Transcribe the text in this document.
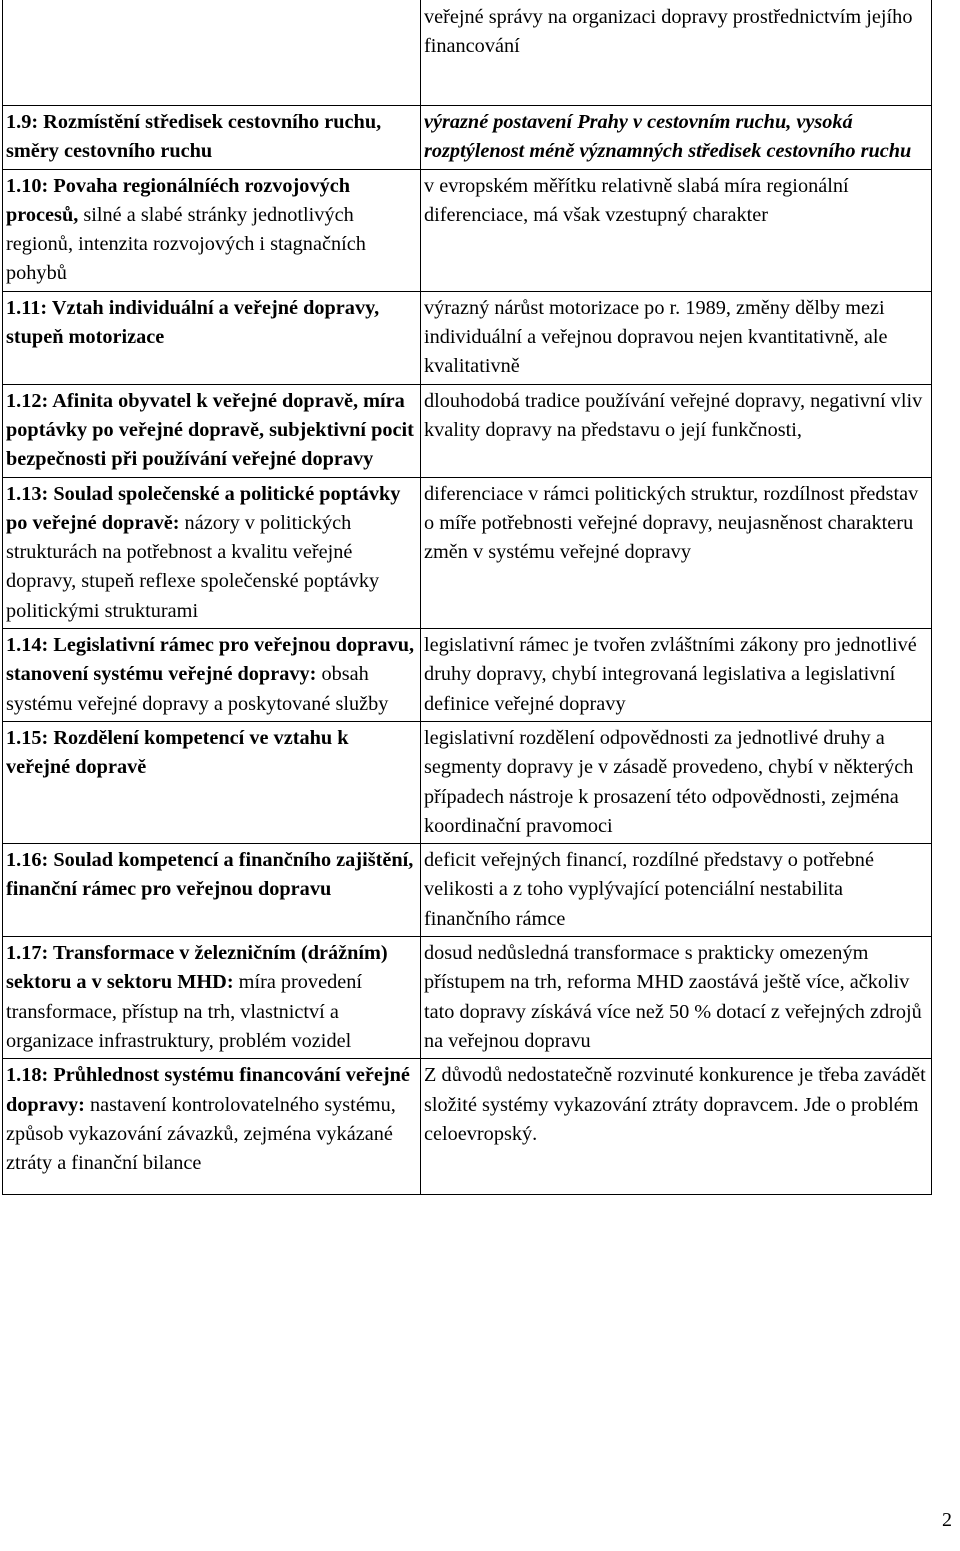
	veřejné správy na organizaci dopravy prostřednictvím jejího financování
1.9: Rozmístění středisek cestovního ruchu, směry cestovního ruchu	výrazné postavení Prahy v cestovním ruchu, vysoká rozptýlenost méně významných středisek cestovního ruchu
1.10: Povaha regionálníéch rozvojových procesů, silné a slabé stránky jednotlivých regionů, intenzita rozvojových i stagnačních pohybů	v evropském měřítku relativně slabá míra regionální diferenciace, má však vzestupný charakter
1.11: Vztah individuální a veřejné dopravy, stupeň motorizace	výrazný nárůst motorizace po r. 1989, změny dělby mezi individuální a veřejnou dopravou nejen kvantitativně, ale kvalitativně
1.12: Afinita obyvatel k veřejné dopravě, míra poptávky po veřejné dopravě, subjektivní pocit bezpečnosti při používání veřejné dopravy	dlouhodobá tradice používání veřejné dopravy, negativní vliv kvality dopravy na představu o její funkčnosti,
1.13: Soulad společenské a politické poptávky po veřejné dopravě: názory v politických strukturách na potřebnost a kvalitu veřejné dopravy, stupeň reflexe společenské poptávky politickými strukturami	diferenciace v rámci politických struktur, rozdílnost představ o míře potřebnosti veřejné dopravy, neujasněnost charakteru změn v systému veřejné dopravy
1.14: Legislativní rámec pro veřejnou dopravu, stanovení systému veřejné dopravy: obsah systému veřejné dopravy a poskytované služby	legislativní rámec je tvořen zvláštními zákony pro jednotlivé druhy dopravy, chybí integrovaná legislativa a legislativní definice veřejné dopravy
1.15: Rozdělení kompetencí ve vztahu k veřejné dopravě	legislativní rozdělení odpovědnosti za jednotlivé druhy a segmenty dopravy je v zásadě provedeno, chybí v některých případech nástroje k prosazení této odpovědnosti, zejména koordinační pravomoci
1.16: Soulad kompetencí a finančního zajištění, finanční rámec pro veřejnou dopravu	deficit veřejných financí, rozdílné představy o potřebné velikosti a z toho vyplývající potenciální nestabilita finančního rámce
1.17: Transformace v železničním (drážním) sektoru a v sektoru MHD: míra provedení transformace, přístup na trh, vlastnictví a organizace infrastruktury, problém vozidel	dosud nedůsledná transformace s prakticky omezeným přístupem na trh, reforma MHD zaostává ještě více, ačkoliv tato dopravy získává více než 50 % dotací z veřejných zdrojů na veřejnou dopravu
1.18: Průhlednost systému financování veřejné dopravy: nastavení kontrolovatelného systému, způsob vykazování závazků, zejména vykázané ztráty a finanční bilance	Z důvodů nedostatečně rozvinuté konkurence je třeba zavádět složité systémy vykazování ztráty dopravcem. Jde o problém celoevropský.
2
